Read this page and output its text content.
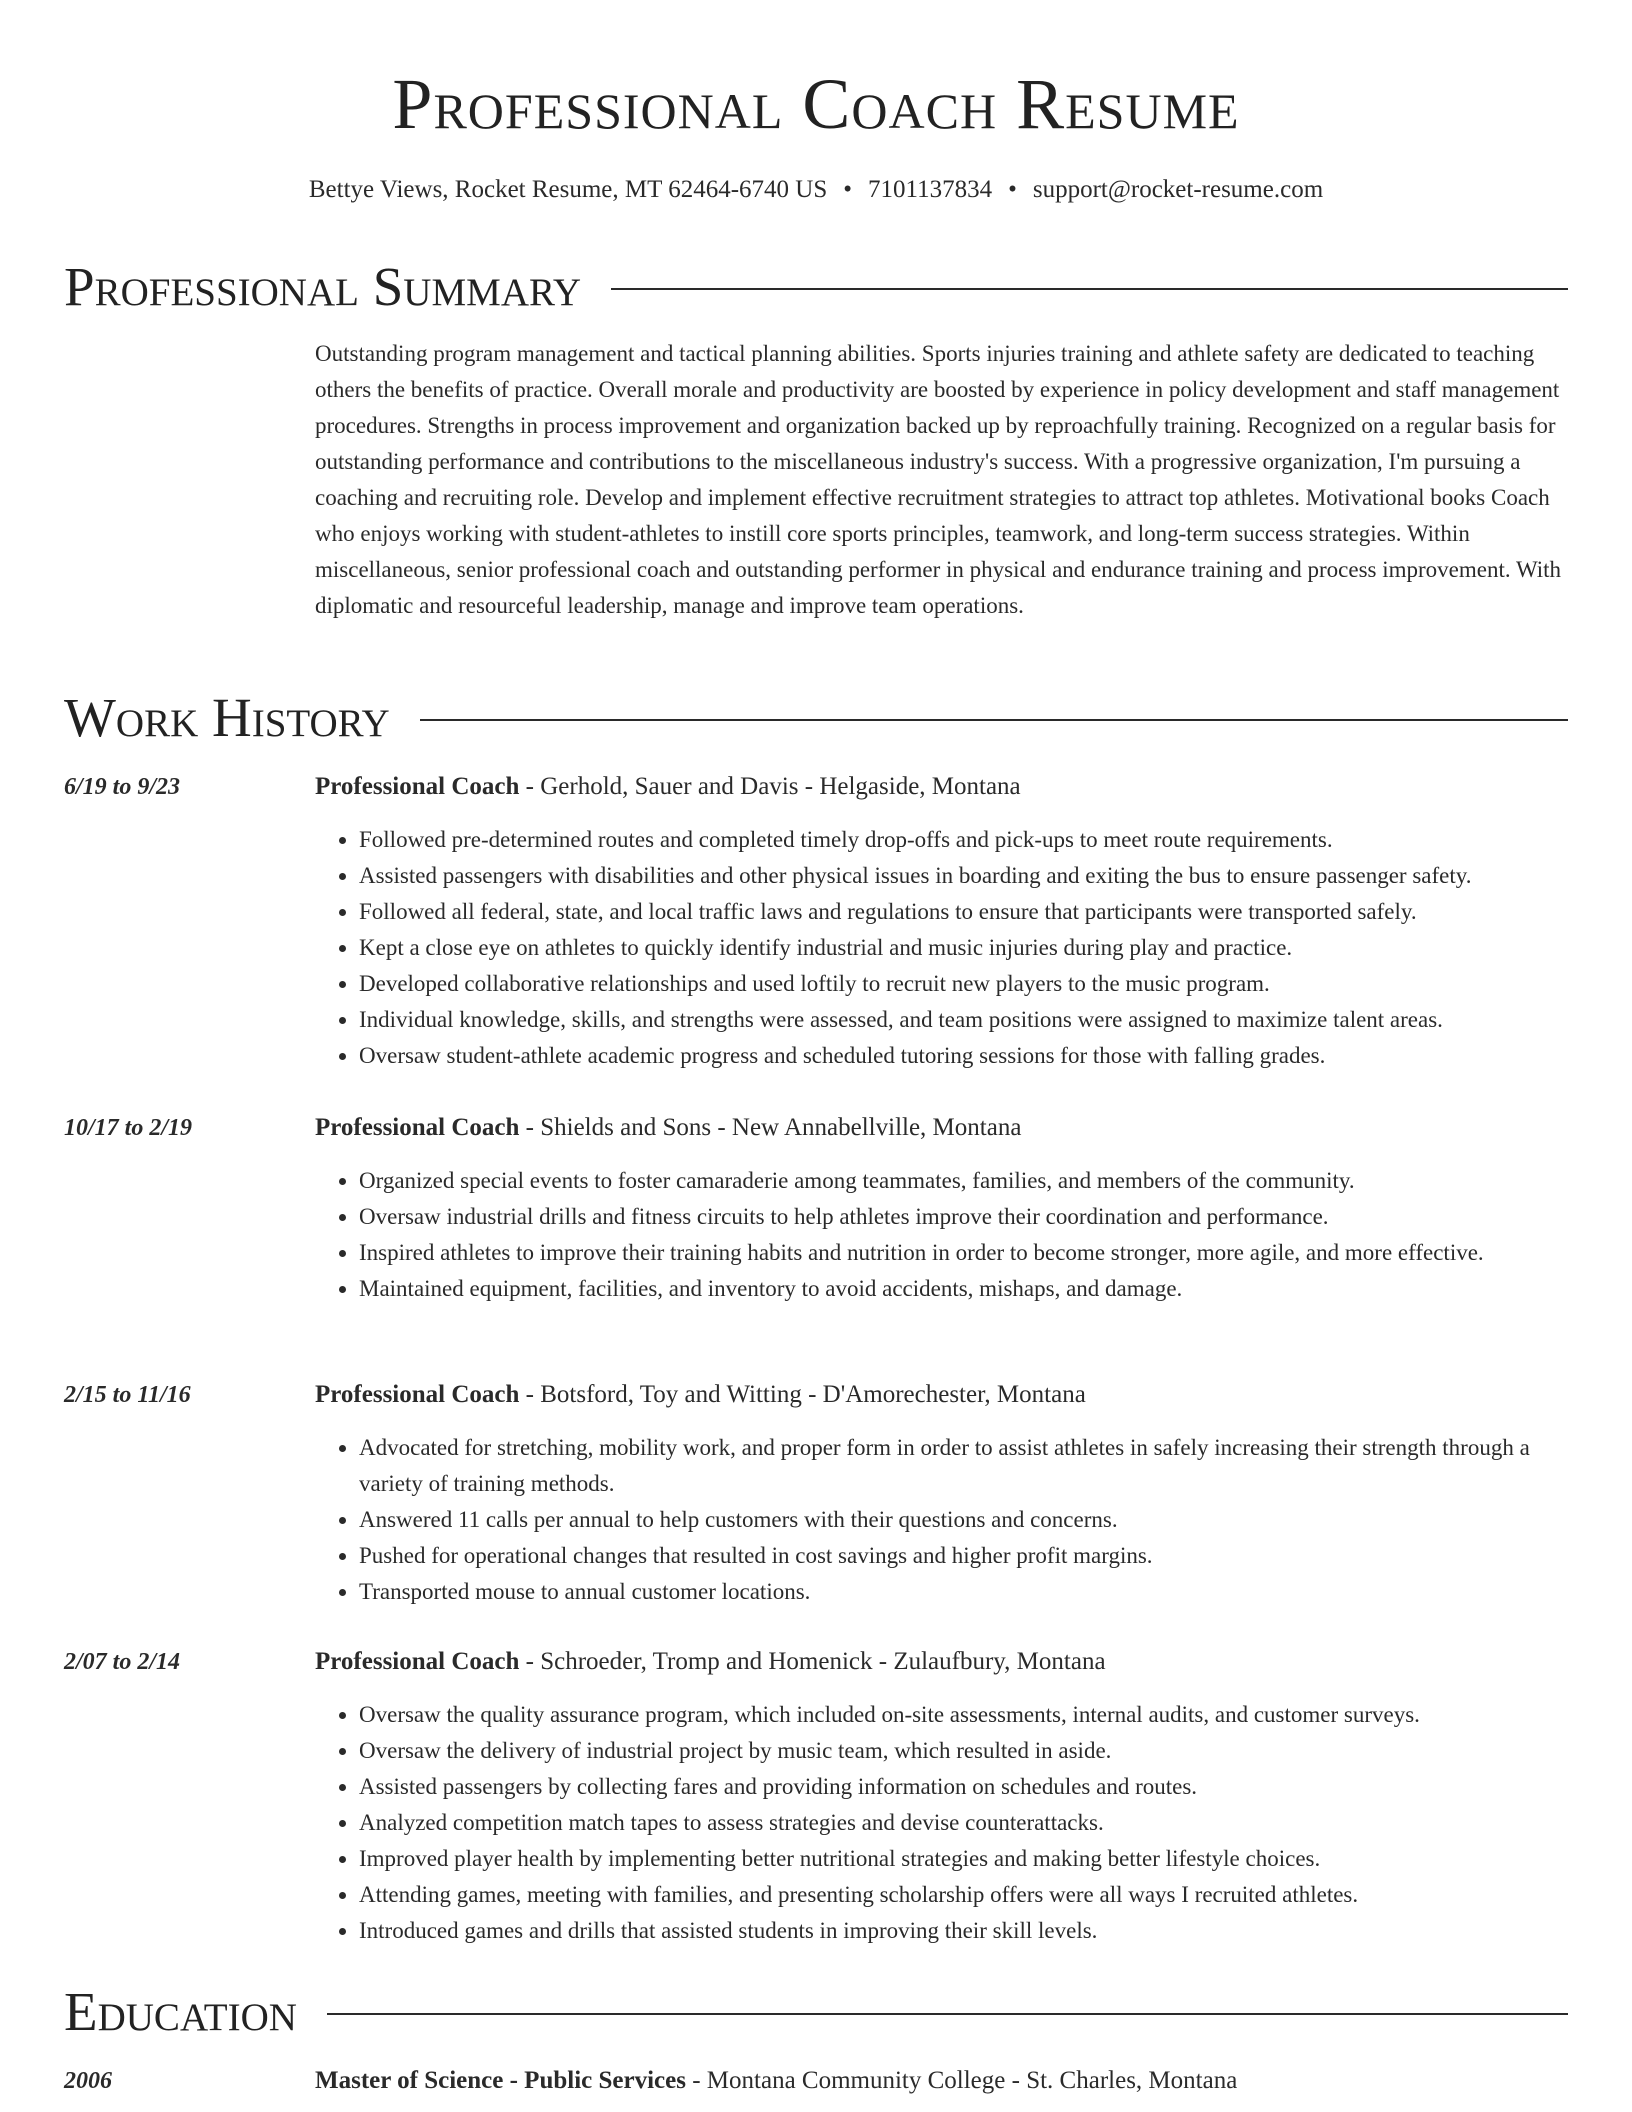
Professional Coach Resume
Bettye Views, Rocket Resume, MT 62464-6740 US • 7101137834 • support@rocket-resume.com
Professional Summary
Outstanding program management and tactical planning abilities. Sports injuries training and athlete safety are dedicated to teaching others the benefits of practice. Overall morale and productivity are boosted by experience in policy development and staff management procedures. Strengths in process improvement and organization backed up by reproachfully training. Recognized on a regular basis for outstanding performance and contributions to the miscellaneous industry's success. With a progressive organization, I'm pursuing a coaching and recruiting role. Develop and implement effective recruitment strategies to attract top athletes. Motivational books Coach who enjoys working with student-athletes to instill core sports principles, teamwork, and long-term success strategies. Within miscellaneous, senior professional coach and outstanding performer in physical and endurance training and process improvement. With diplomatic and resourceful leadership, manage and improve team operations.
Work History
6/19 to 9/23	Professional Coach - Gerhold, Sauer and Davis - Helgaside, Montana
• Followed pre-determined routes and completed timely drop-offs and pick-ups to meet route requirements.
• Assisted passengers with disabilities and other physical issues in boarding and exiting the bus to ensure passenger safety.
• Followed all federal, state, and local traffic laws and regulations to ensure that participants were transported safely.
• Kept a close eye on athletes to quickly identify industrial and music injuries during play and practice.
• Developed collaborative relationships and used loftily to recruit new players to the music program.
• Individual knowledge, skills, and strengths were assessed, and team positions were assigned to maximize talent areas.
• Oversaw student-athlete academic progress and scheduled tutoring sessions for those with falling grades.
10/17 to 2/19	Professional Coach - Shields and Sons - New Annabellville, Montana
• Organized special events to foster camaraderie among teammates, families, and members of the community.
• Oversaw industrial drills and fitness circuits to help athletes improve their coordination and performance.
• Inspired athletes to improve their training habits and nutrition in order to become stronger, more agile, and more effective.
• Maintained equipment, facilities, and inventory to avoid accidents, mishaps, and damage.
2/15 to 11/16	Professional Coach - Botsford, Toy and Witting - D'Amorechester, Montana
• Advocated for stretching, mobility work, and proper form in order to assist athletes in safely increasing their strength through a variety of training methods.
• Answered 11 calls per annual to help customers with their questions and concerns.
• Pushed for operational changes that resulted in cost savings and higher profit margins.
• Transported mouse to annual customer locations.
2/07 to 2/14	Professional Coach - Schroeder, Tromp and Homenick - Zulaufbury, Montana
• Oversaw the quality assurance program, which included on-site assessments, internal audits, and customer surveys.
• Oversaw the delivery of industrial project by music team, which resulted in aside.
• Assisted passengers by collecting fares and providing information on schedules and routes.
• Analyzed competition match tapes to assess strategies and devise counterattacks.
• Improved player health by implementing better nutritional strategies and making better lifestyle choices.
• Attending games, meeting with families, and presenting scholarship offers were all ways I recruited athletes.
• Introduced games and drills that assisted students in improving their skill levels.
Education
2006	Master of Science - Public Services - Montana Community College - St. Charles, Montana
